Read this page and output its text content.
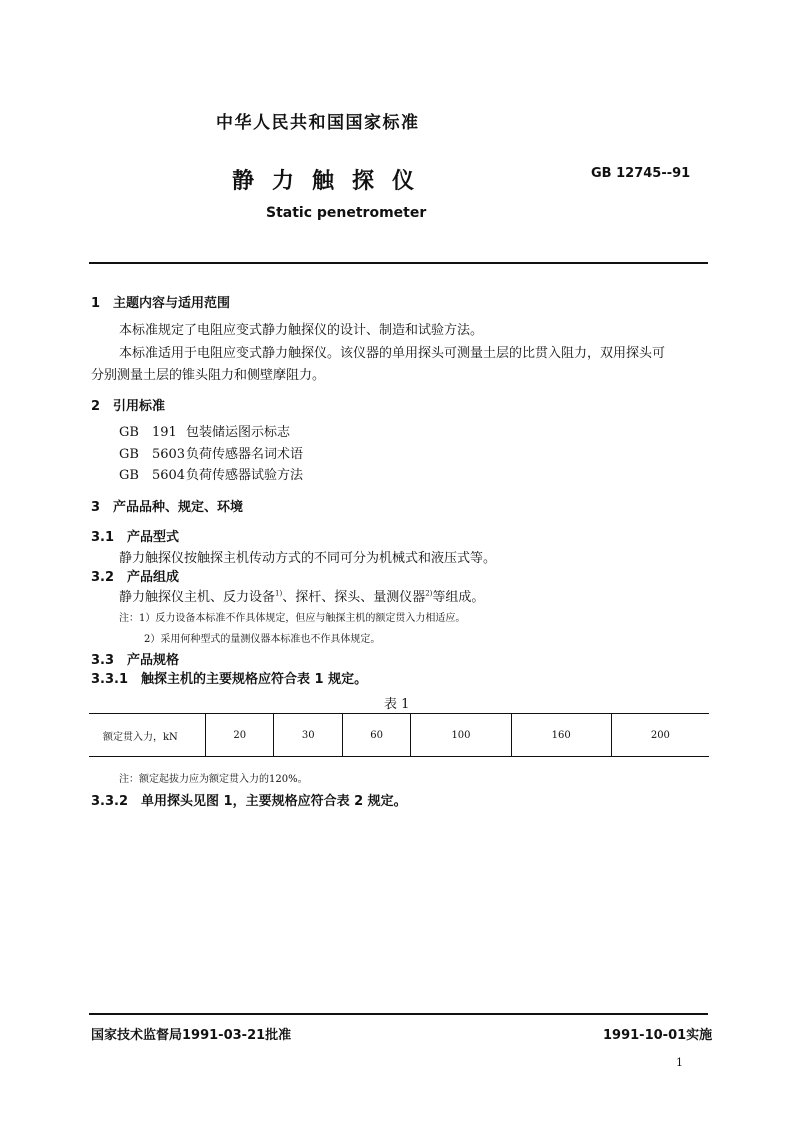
中华人民共和国国家标准
静力触探仪	GB 12745--91
Static penetrometer
1　主题内容与适用范围
本标准规定了电阻应变式静力触探仪的设计、制造和试验方法。
本标准适用于电阻应变式静力触探仪。该仪器的单用探头可测量土层的比贯入阻力，双用探头可
分别测量土层的锥头阻力和侧壁摩阻力。
2　引用标准
GB　191 包装储运图示标志
GB　5603 负荷传感器名词术语
GB　5604 负荷传感器试验方法
3　产品品种、规定、环境
3.1　产品型式
静力触探仪按触探主机传动方式的不同可分为机械式和液压式等。
3.2　产品组成
静力触探仪主机、反力设备$^{1)}$、探杆、探头、量测仪器$^{2)}$等组成。
注：1）反力设备本标准不作具体规定，但应与触探主机的额定贯入力相适应。
2）采用何种型式的量测仪器本标准也不作具体规定。
3.3　产品规格
3.3.1　触探主机的主要规格应符合表 1 规定。
表 1
额定贯入力，kN	20	30	60	100	160	200
注：额定起拔力应为额定贯入力的120%。
3.3.2　单用探头见图 1，主要规格应符合表 2 规定。
国家技术监督局1991-03-21批准	1991-10-01实施
1
